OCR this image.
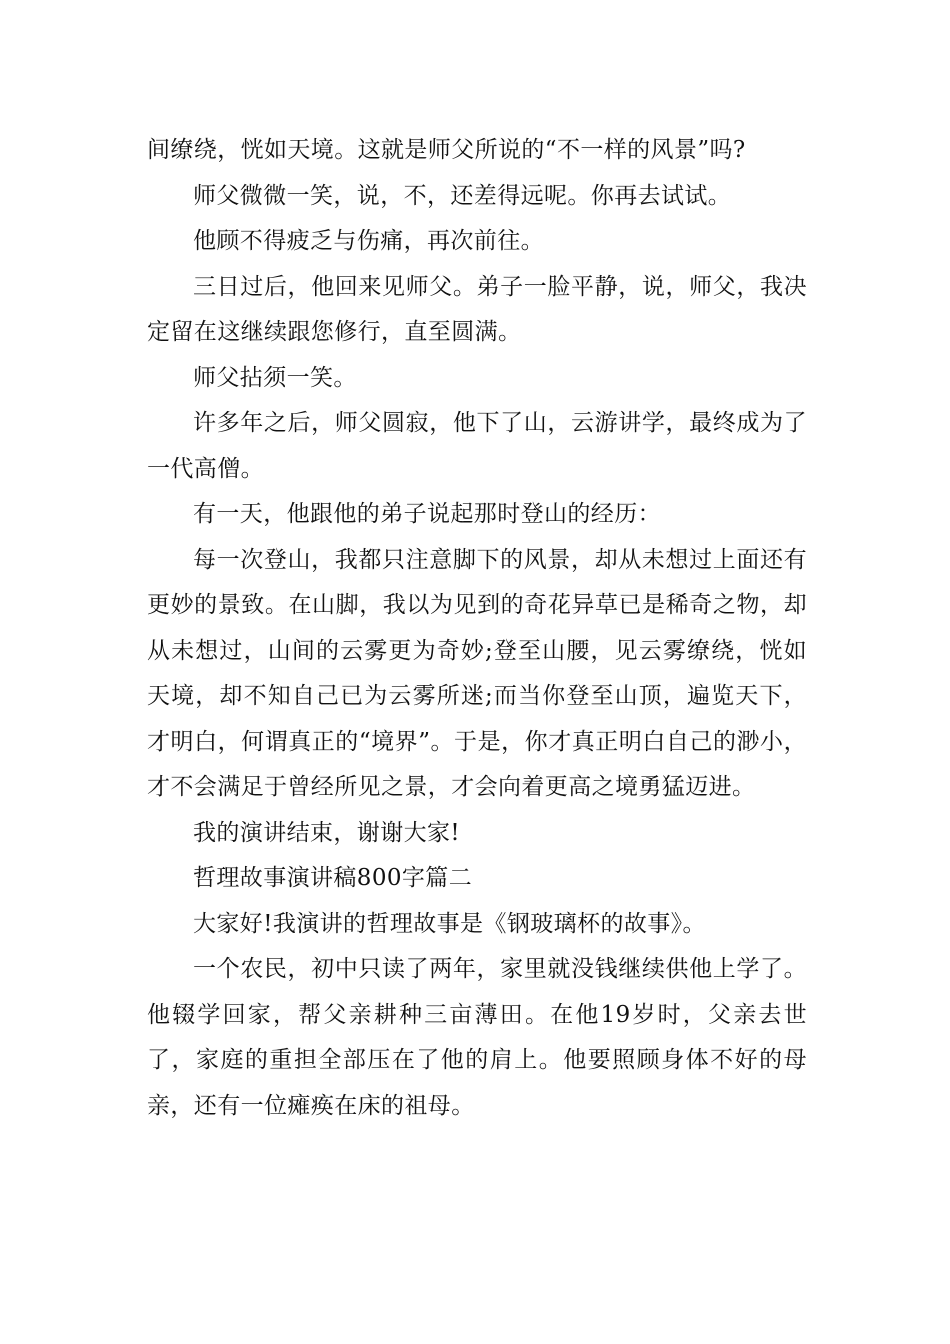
间缭绕，恍如天境。这就是师父所说的“不一样的风景”吗?

师父微微一笑，说，不，还差得远呢。你再去试试。

他顾不得疲乏与伤痛，再次前往。

三日过后，他回来见师父。弟子一脸平静，说，师父，我决定留在这继续跟您修行，直至圆满。

师父拈须一笑。

许多年之后，师父圆寂，他下了山，云游讲学，最终成为了一代高僧。

有一天，他跟他的弟子说起那时登山的经历：

每一次登山，我都只注意脚下的风景，却从未想过上面还有更妙的景致。在山脚，我以为见到的奇花异草已是稀奇之物，却从未想过，山间的云雾更为奇妙;登至山腰，见云雾缭绕，恍如天境，却不知自己已为云雾所迷;而当你登至山顶，遍览天下，才明白，何谓真正的“境界”。于是，你才真正明白自己的渺小，才不会满足于曾经所见之景，才会向着更高之境勇猛迈进。

我的演讲结束，谢谢大家!

哲理故事演讲稿800字篇二

大家好!我演讲的哲理故事是《钢玻璃杯的故事》。

一个农民，初中只读了两年，家里就没钱继续供他上学了。他辍学回家，帮父亲耕种三亩薄田。在他19岁时，父亲去世了，家庭的重担全部压在了他的肩上。他要照顾身体不好的母亲，还有一位瘫痪在床的祖母。
